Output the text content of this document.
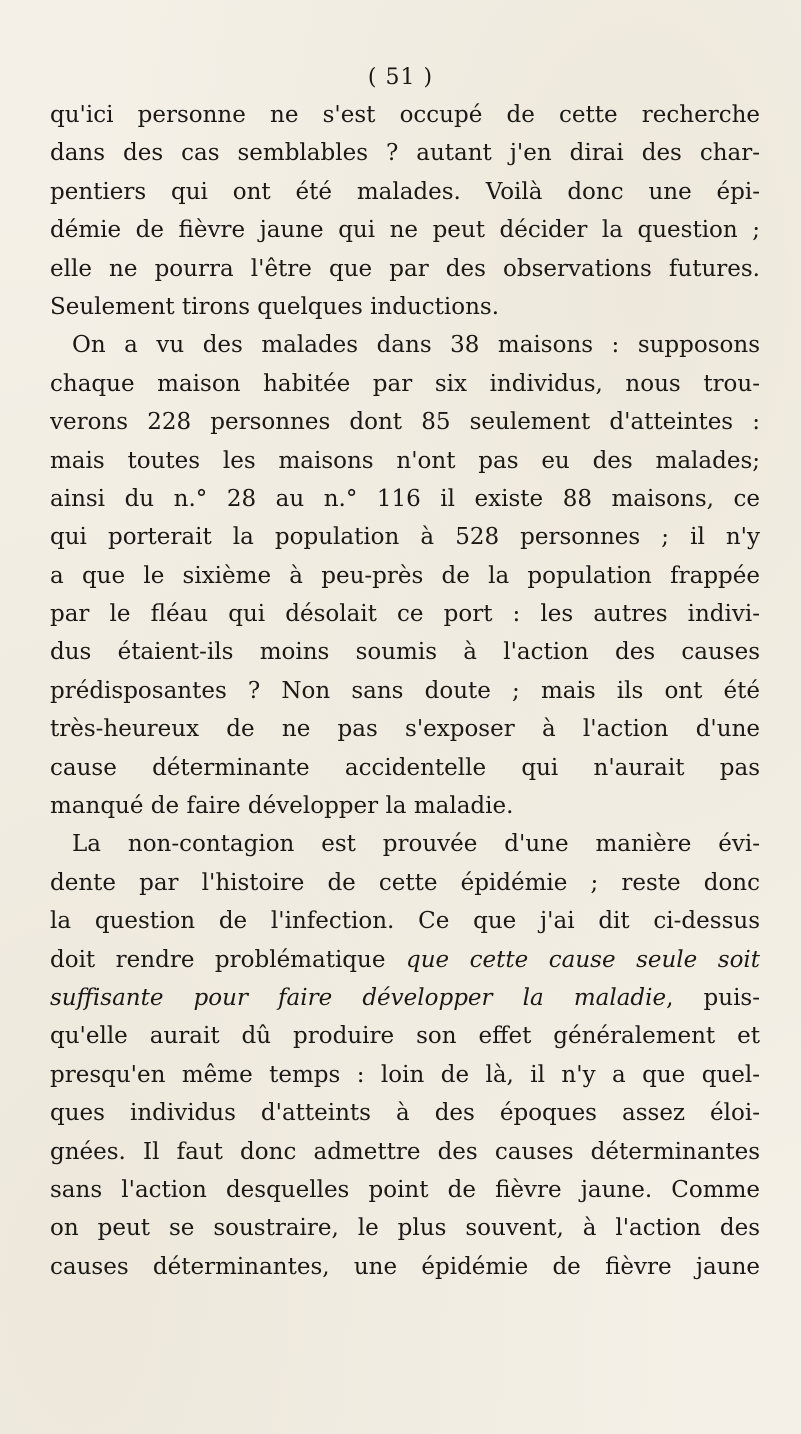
( 51 )
qu'ici personne ne s'est occupé de cette recherche
dans des cas semblables ? autant j'en dirai des char-
pentiers qui ont été malades. Voilà donc une épi-
démie de fièvre jaune qui ne peut décider la question ;
elle ne pourra l'être que par des observations futures.
Seulement tirons quelques inductions.
On a vu des malades dans 38 maisons : supposons
chaque maison habitée par six individus, nous trou-
verons 228 personnes dont 85 seulement d'atteintes :
mais toutes les maisons n'ont pas eu des malades;
ainsi du n.° 28 au n.° 116 il existe 88 maisons, ce
qui porterait la population à 528 personnes ; il n'y
a que le sixième à peu-près de la population frappée
par le fléau qui désolait ce port : les autres indivi-
dus étaient-ils moins soumis à l'action des causes
prédisposantes ? Non sans doute ; mais ils ont été
très-heureux de ne pas s'exposer à l'action d'une
cause déterminante accidentelle qui n'aurait pas
manqué de faire développer la maladie.
La non-contagion est prouvée d'une manière évi-
dente par l'histoire de cette épidémie ; reste donc
la question de l'infection. Ce que j'ai dit ci-dessus
doit rendre problématique que cette cause seule soit
suffisante pour faire développer la maladie, puis-
qu'elle aurait dû produire son effet généralement et
presqu'en même temps : loin de là, il n'y a que quel-
ques individus d'atteints à des époques assez éloi-
gnées. Il faut donc admettre des causes déterminantes
sans l'action desquelles point de fièvre jaune. Comme
on peut se soustraire, le plus souvent, à l'action des
causes déterminantes, une épidémie de fièvre jaune
